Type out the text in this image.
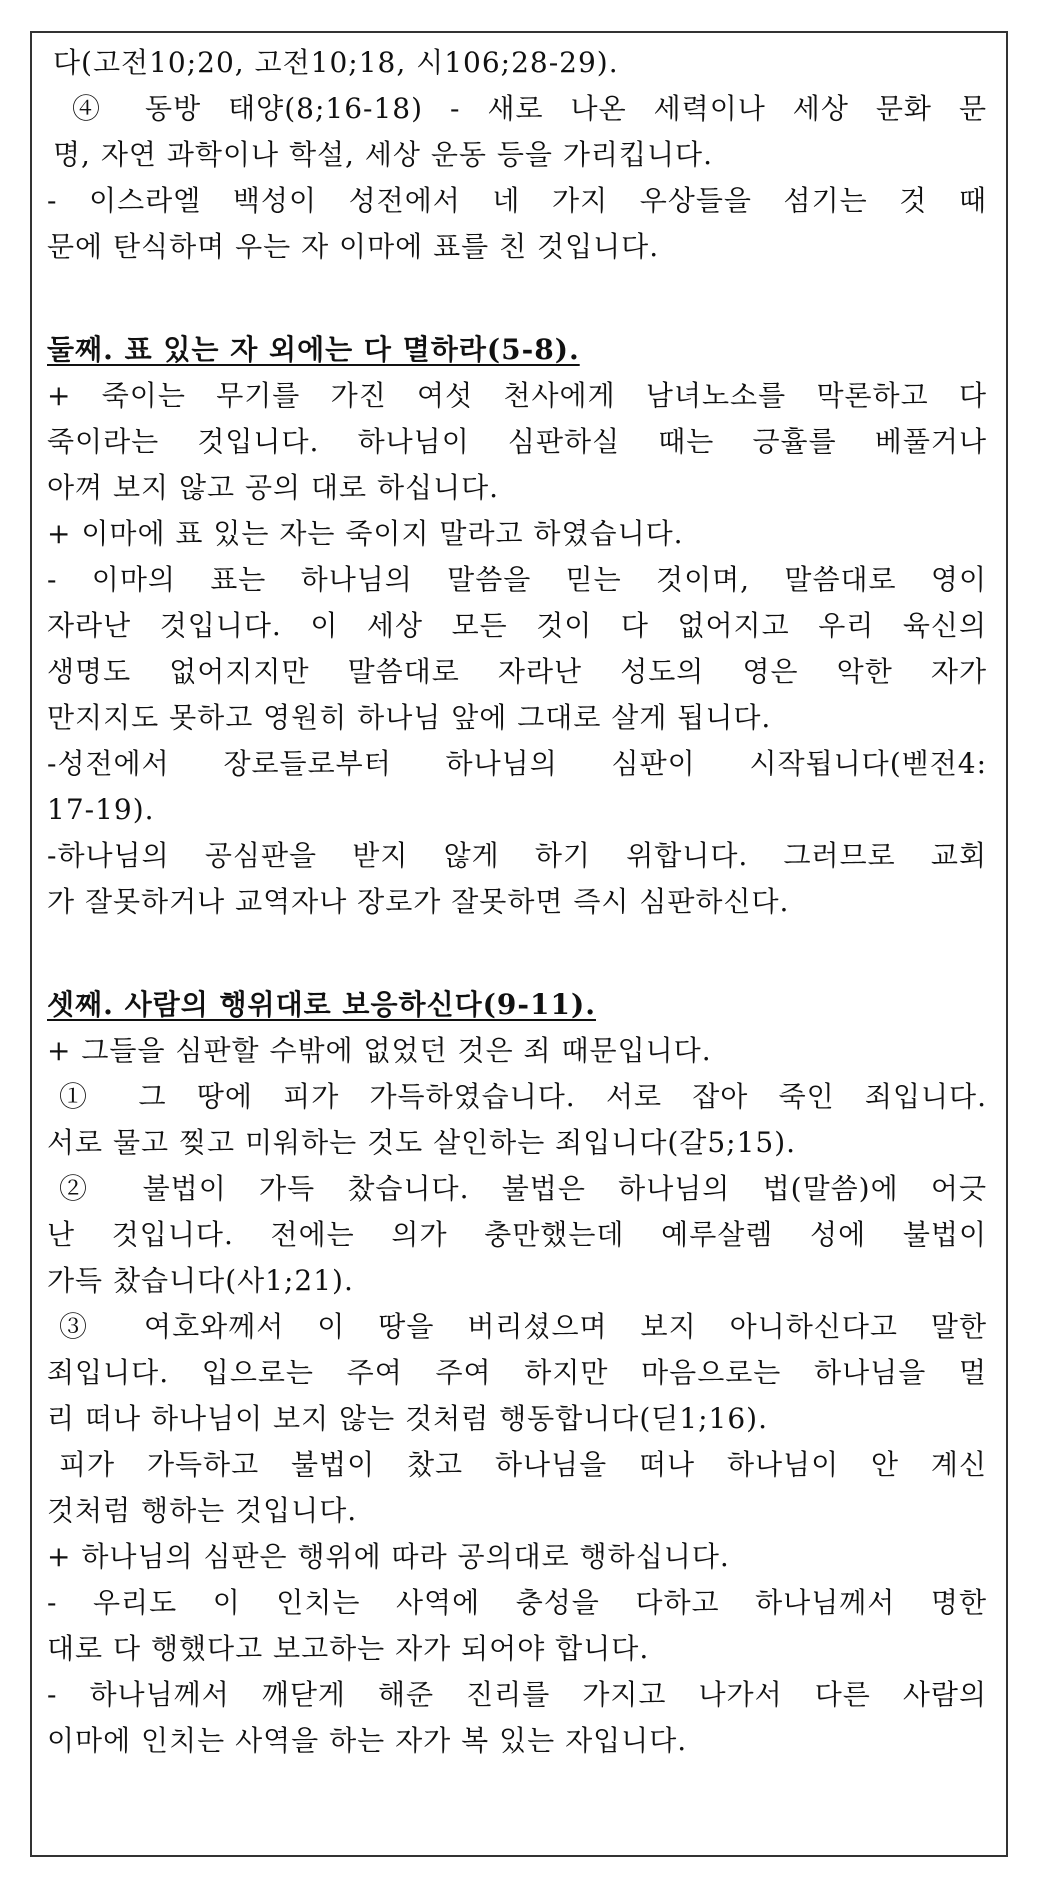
다(고전10;20, 고전10;18, 시106;28-29).
④ 동방 태양(8;16-18) - 새로 나온 세력이나 세상 문화 문
명, 자연 과학이나 학설, 세상 운동 등을 가리킵니다.
- 이스라엘 백성이 성전에서 네 가지 우상들을 섬기는 것 때
문에 탄식하며 우는 자 이마에 표를 친 것입니다.
둘째. 표 있는 자 외에는 다 멸하라(5-8).
+ 죽이는 무기를 가진 여섯 천사에게 남녀노소를 막론하고 다
죽이라는 것입니다. 하나님이 심판하실 때는 긍휼를 베풀거나
아껴 보지 않고 공의 대로 하십니다.
+ 이마에 표 있는 자는 죽이지 말라고 하였습니다.
- 이마의 표는 하나님의 말씀을 믿는 것이며, 말씀대로 영이
자라난 것입니다. 이 세상 모든 것이 다 없어지고 우리 육신의
생명도 없어지지만 말씀대로 자라난 성도의 영은 악한 자가
만지지도 못하고 영원히 하나님 앞에 그대로 살게 됩니다.
-성전에서 장로들로부터 하나님의 심판이 시작됩니다(벧전4:
17-19).
-하나님의 공심판을 받지 않게 하기 위합니다. 그러므로 교회
가 잘못하거나 교역자나 장로가 잘못하면 즉시 심판하신다.
셋째. 사람의 행위대로 보응하신다(9-11).
+ 그들을 심판할 수밖에 없었던 것은 죄 때문입니다.
① 그 땅에 피가 가득하였습니다. 서로 잡아 죽인 죄입니다.
서로 물고 찢고 미워하는 것도 살인하는 죄입니다(갈5;15).
② 불법이 가득 찼습니다. 불법은 하나님의 법(말씀)에 어긋
난 것입니다. 전에는 의가 충만했는데 예루살렘 성에 불법이
가득 찼습니다(사1;21).
③ 여호와께서 이 땅을 버리셨으며 보지 아니하신다고 말한
죄입니다. 입으로는 주여 주여 하지만 마음으로는 하나님을 멀
리 떠나 하나님이 보지 않는 것처럼 행동합니다(딛1;16).
피가 가득하고 불법이 찼고 하나님을 떠나 하나님이 안 계신
것처럼 행하는 것입니다.
+ 하나님의 심판은 행위에 따라 공의대로 행하십니다.
- 우리도 이 인치는 사역에 충성을 다하고 하나님께서 명한
대로 다 행했다고 보고하는 자가 되어야 합니다.
- 하나님께서 깨닫게 해준 진리를 가지고 나가서 다른 사람의
이마에 인치는 사역을 하는 자가 복 있는 자입니다.
